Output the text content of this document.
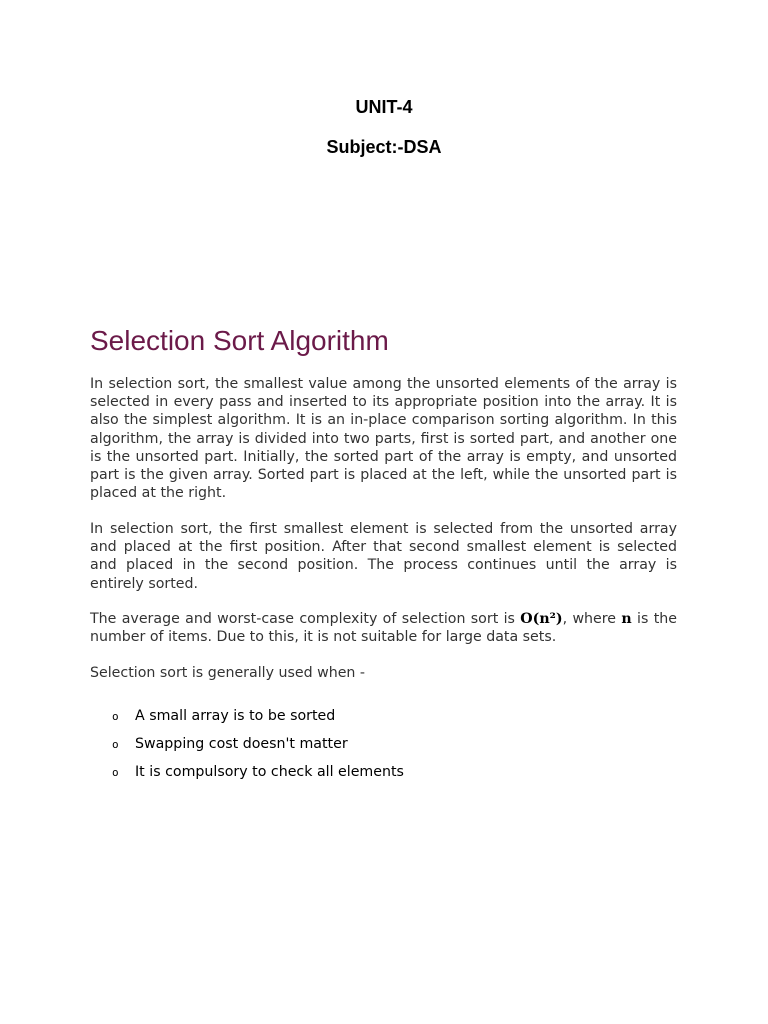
UNIT-4
Subject:-DSA
Selection Sort Algorithm

In selection sort, the smallest value among the unsorted elements of the array is selected in every pass and inserted to its appropriate position into the array. It is also the simplest algorithm. It is an in-place comparison sorting algorithm. In this algorithm, the array is divided into two parts, first is sorted part, and another one is the unsorted part. Initially, the sorted part of the array is empty, and unsorted part is the given array. Sorted part is placed at the left, while the unsorted part is placed at the right.

In selection sort, the first smallest element is selected from the unsorted array and placed at the first position. After that second smallest element is selected and placed in the second position. The process continues until the array is entirely sorted.

The average and worst-case complexity of selection sort is O(n²), where n is the number of items. Due to this, it is not suitable for large data sets.

Selection sort is generally used when -

o A small array is to be sorted
o Swapping cost doesn't matter
o It is compulsory to check all elements
